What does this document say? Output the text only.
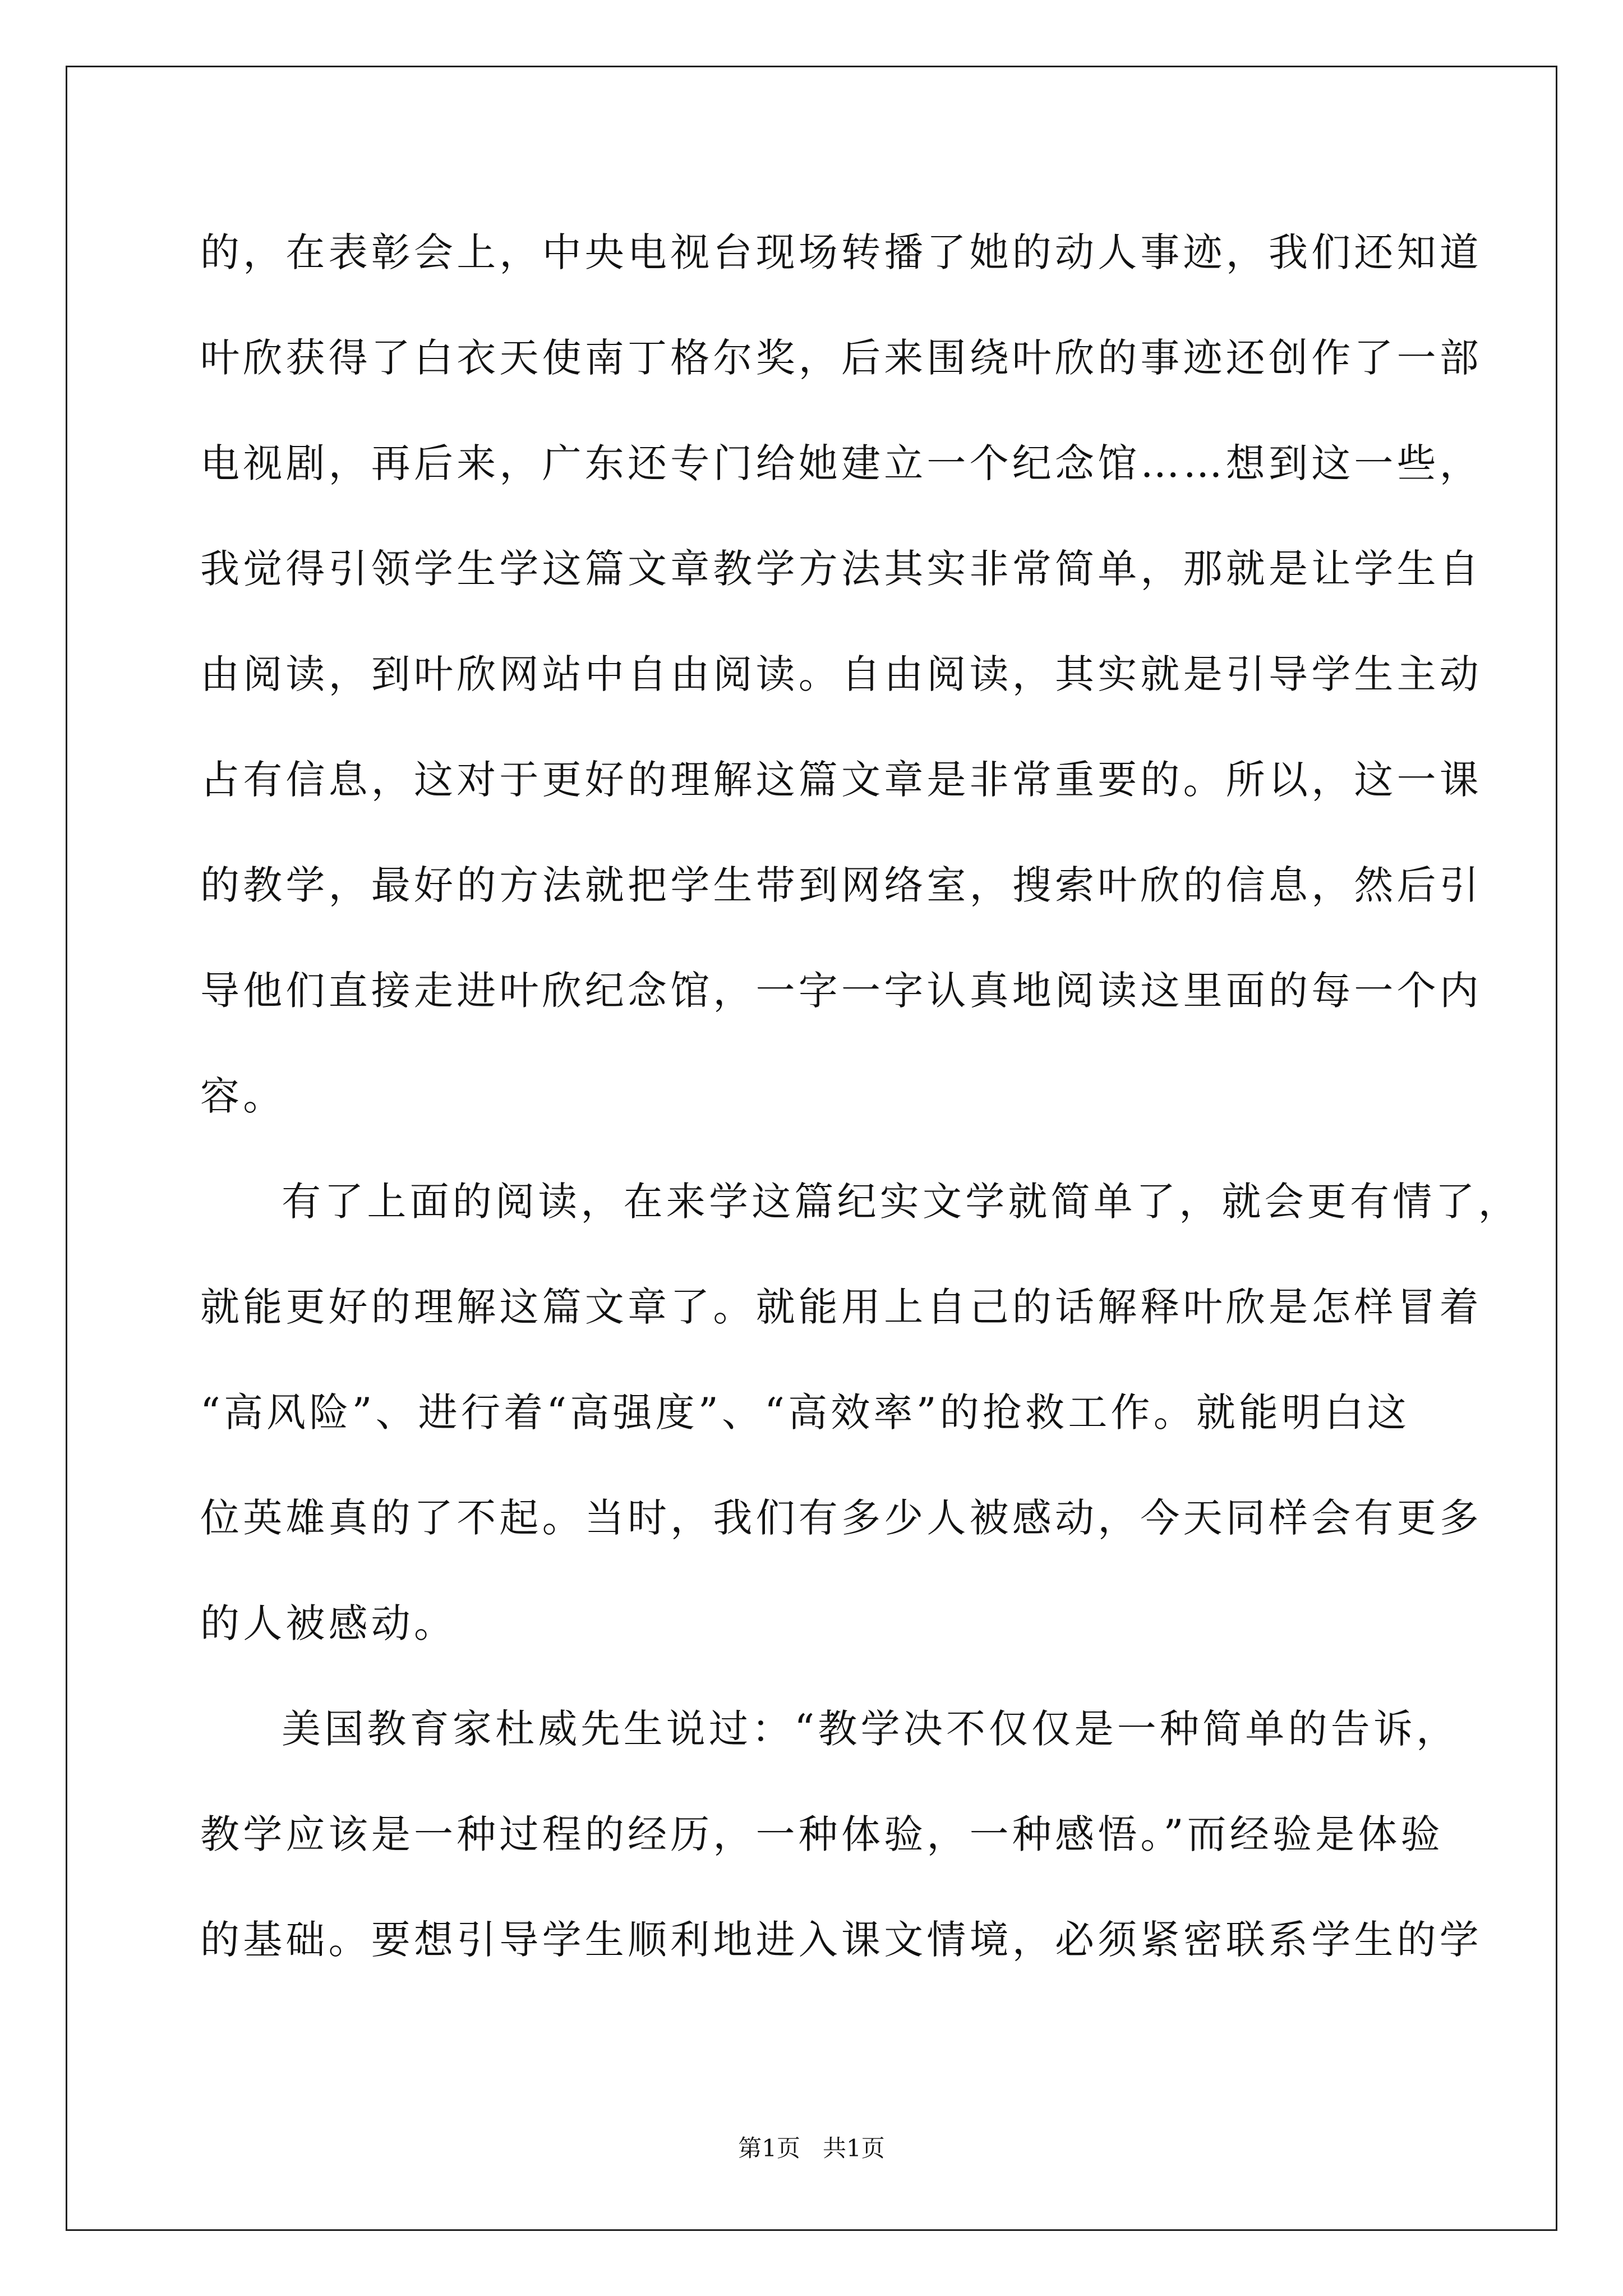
的，在表彰会上，中央电视台现场转播了她的动人事迹，我们还知道
叶欣获得了白衣天使南丁格尔奖，后来围绕叶欣的事迹还创作了一部
电视剧，再后来，广东还专门给她建立一个纪念馆……想到这一些，
我觉得引领学生学这篇文章教学方法其实非常简单，那就是让学生自
由阅读，到叶欣网站中自由阅读。自由阅读，其实就是引导学生主动
占有信息，这对于更好的理解这篇文章是非常重要的。所以，这一课
的教学，最好的方法就把学生带到网络室，搜索叶欣的信息，然后引
导他们直接走进叶欣纪念馆，一字一字认真地阅读这里面的每一个内
容。
有了上面的阅读，在来学这篇纪实文学就简单了，就会更有情了，
就能更好的理解这篇文章了。就能用上自己的话解释叶欣是怎样冒着
“高风险”、进行着“高强度”、“高效率”的抢救工作。就能明白这
位英雄真的了不起。当时，我们有多少人被感动，今天同样会有更多
的人被感动。
美国教育家杜威先生说过：“教学决不仅仅是一种简单的告诉，
教学应该是一种过程的经历，一种体验，一种感悟。”而经验是体验
的基础。要想引导学生顺利地进入课文情境，必须紧密联系学生的学
第1页   共1页
